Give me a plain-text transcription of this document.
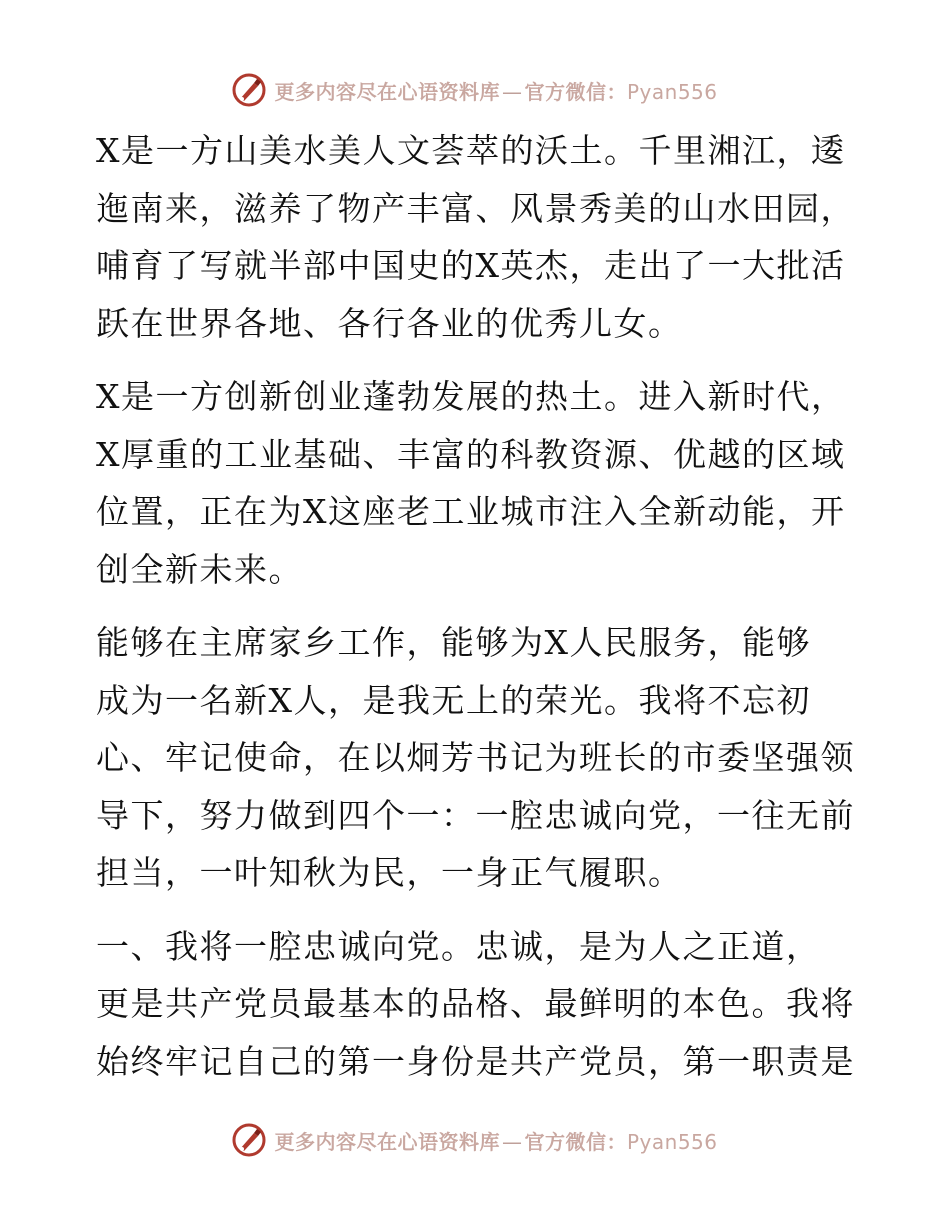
更多内容尽在心语资料库 — 官方微信：Pyan556

X是一方山美水美人文荟萃的沃土。千里湘江，逶
迤南来，滋养了物产丰富、风景秀美的山水田园，
哺育了写就半部中国史的X英杰，走出了一大批活
跃在世界各地、各行各业的优秀儿女。

X是一方创新创业蓬勃发展的热土。进入新时代，
X厚重的工业基础、丰富的科教资源、优越的区域
位置，正在为X这座老工业城市注入全新动能，开
创全新未来。

能够在主席家乡工作，能够为X人民服务，能够
成为一名新X人，是我无上的荣光。我将不忘初
心、牢记使命，在以炯芳书记为班长的市委坚强领
导下，努力做到四个一：一腔忠诚向党，一往无前
担当，一叶知秋为民，一身正气履职。

一、我将一腔忠诚向党。忠诚，是为人之正道，
更是共产党员最基本的品格、最鲜明的本色。我将
始终牢记自己的第一身份是共产党员，第一职责是

更多内容尽在心语资料库 — 官方微信：Pyan556
